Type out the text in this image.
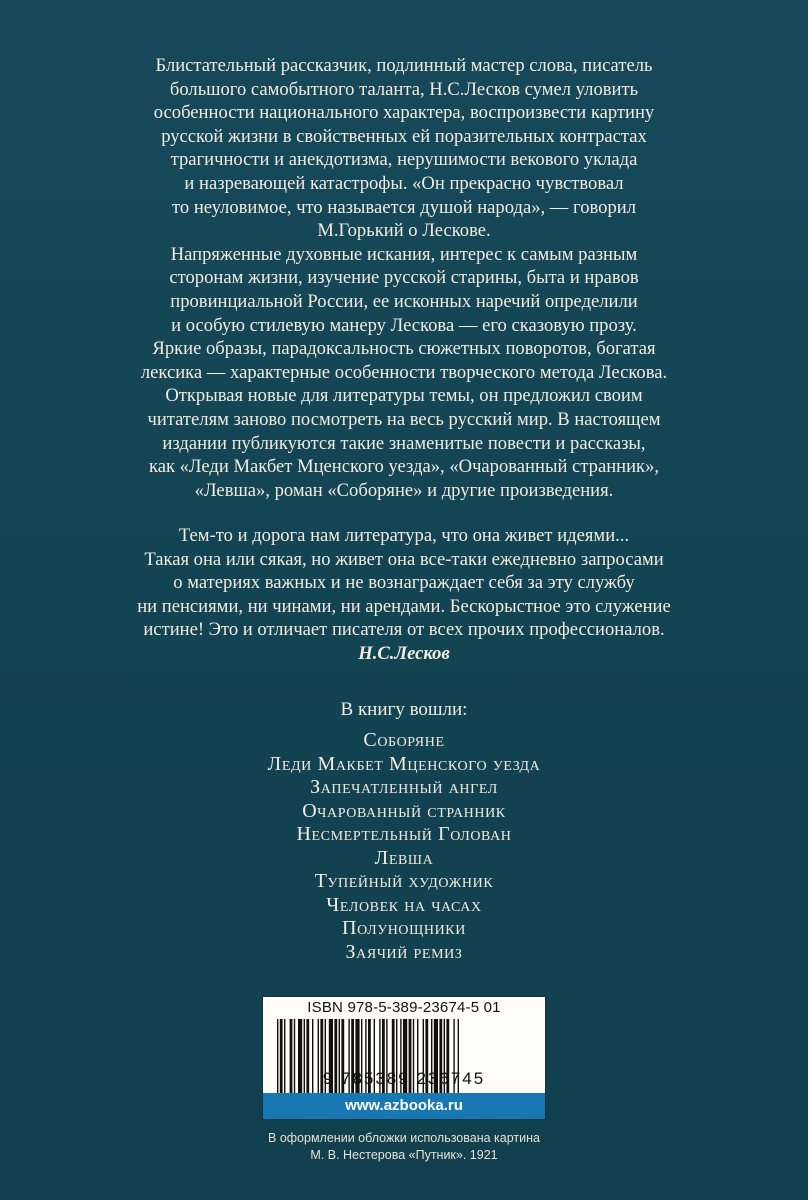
Блистательный рассказчик, подлинный мастер слова, писатель
большого самобытного таланта, Н.С.Лесков сумел уловить
особенности национального характера, воспроизвести картину
русской жизни в свойственных ей поразительных контрастах
трагичности и анекдотизма, нерушимости векового уклада
и назревающей катастрофы. «Он прекрасно чувствовал
то неуловимое, что называется душой народа», — говорил
М.Горький о Лескове.
Напряженные духовные искания, интерес к самым разным
сторонам жизни, изучение русской старины, быта и нравов
провинциальной России, ее исконных наречий определили
и особую стилевую манеру Лескова — его сказовую прозу.
Яркие образы, парадоксальность сюжетных поворотов, богатая
лексика — характерные особенности творческого метода Лескова.
Открывая новые для литературы темы, он предложил своим
читателям заново посмотреть на весь русский мир. В настоящем
издании публикуются такие знаменитые повести и рассказы,
как «Леди Макбет Мценского уезда», «Очарованный странник»,
«Левша», роман «Соборяне» и другие произведения.
Тем-то и дорога нам литература, что она живет идеями...
Такая она или сякая, но живет она все-таки ежедневно запросами
о материях важных и не вознаграждает себя за эту службу
ни пенсиями, ни чинами, ни арендами. Бескорыстное это служение
истине! Это и отличает писателя от всех прочих профессионалов.
Н.С.Лесков
В книгу вошли:
Соборяне
Леди Макбет Мценского уезда
Запечатленный ангел
Очарованный странник
Несмертельный Голован
Левша
Тупейный художник
Человек на часах
Полунощники
Заячий ремиз
ISBN 978-5-389-23674-5 01
9 785389 236745
www.azbooka.ru
В оформлении обложки использована картина
М. В. Нестерова «Путник». 1921
